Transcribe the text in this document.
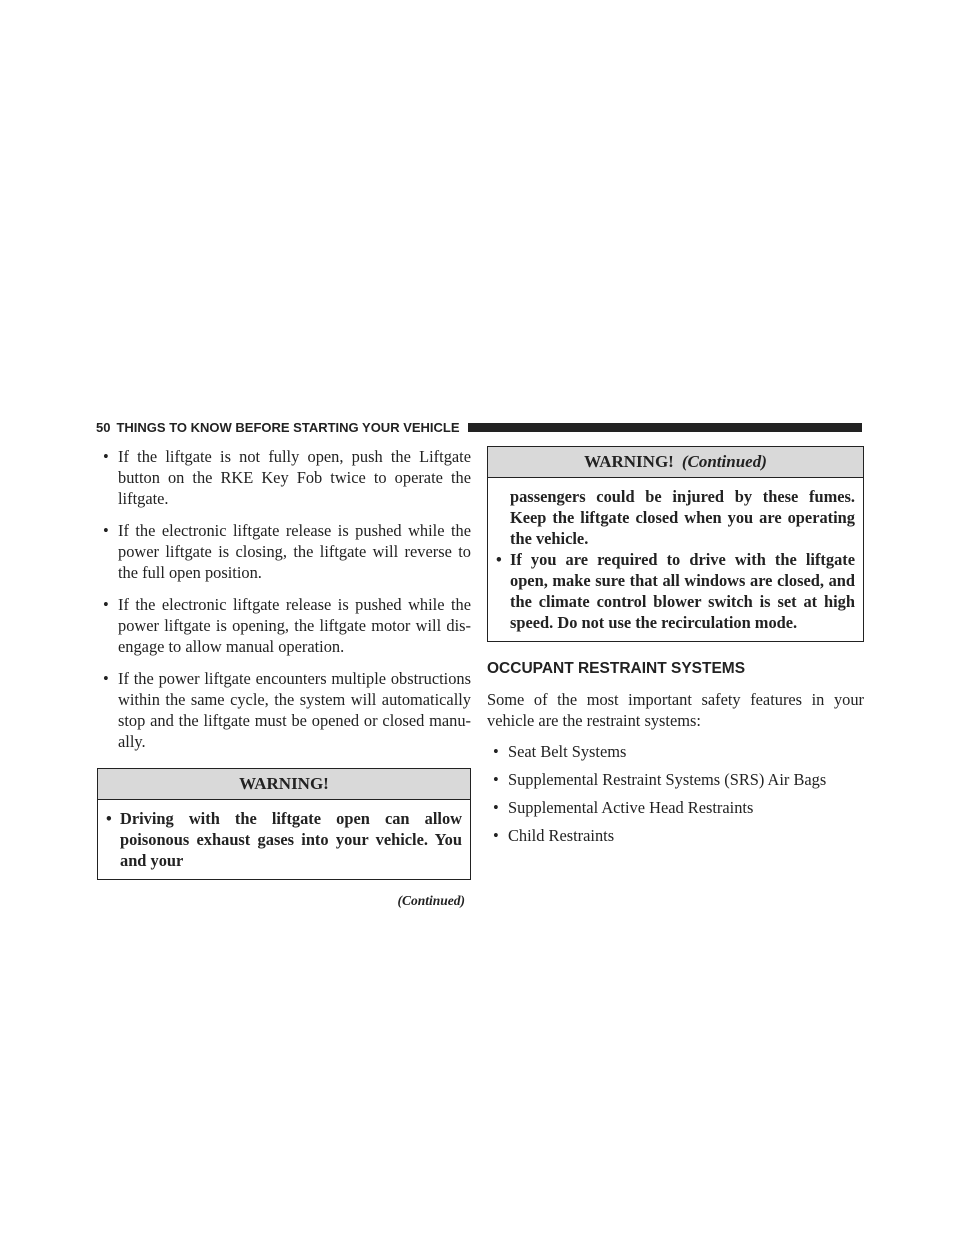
50 THINGS TO KNOW BEFORE STARTING YOUR VEHICLE
• If the liftgate is not fully open, push the Liftgate button on the RKE Key Fob twice to operate the liftgate.
• If the electronic liftgate release is pushed while the power liftgate is closing, the liftgate will reverse to the full open position.
• If the electronic liftgate release is pushed while the power liftgate is opening, the liftgate motor will dis-engage to allow manual operation.
• If the power liftgate encounters multiple obstructions within the same cycle, the system will automatically stop and the liftgate must be opened or closed manu-ally.
WARNING!
• Driving with the liftgate open can allow poisonous exhaust gases into your vehicle. You and your
(Continued)
WARNING! (Continued)
passengers could be injured by these fumes. Keep the liftgate closed when you are operating the vehicle.
• If you are required to drive with the liftgate open, make sure that all windows are closed, and the climate control blower switch is set at high speed. Do not use the recirculation mode.
OCCUPANT RESTRAINT SYSTEMS
Some of the most important safety features in your vehicle are the restraint systems:
• Seat Belt Systems
• Supplemental Restraint Systems (SRS) Air Bags
• Supplemental Active Head Restraints
• Child Restraints
